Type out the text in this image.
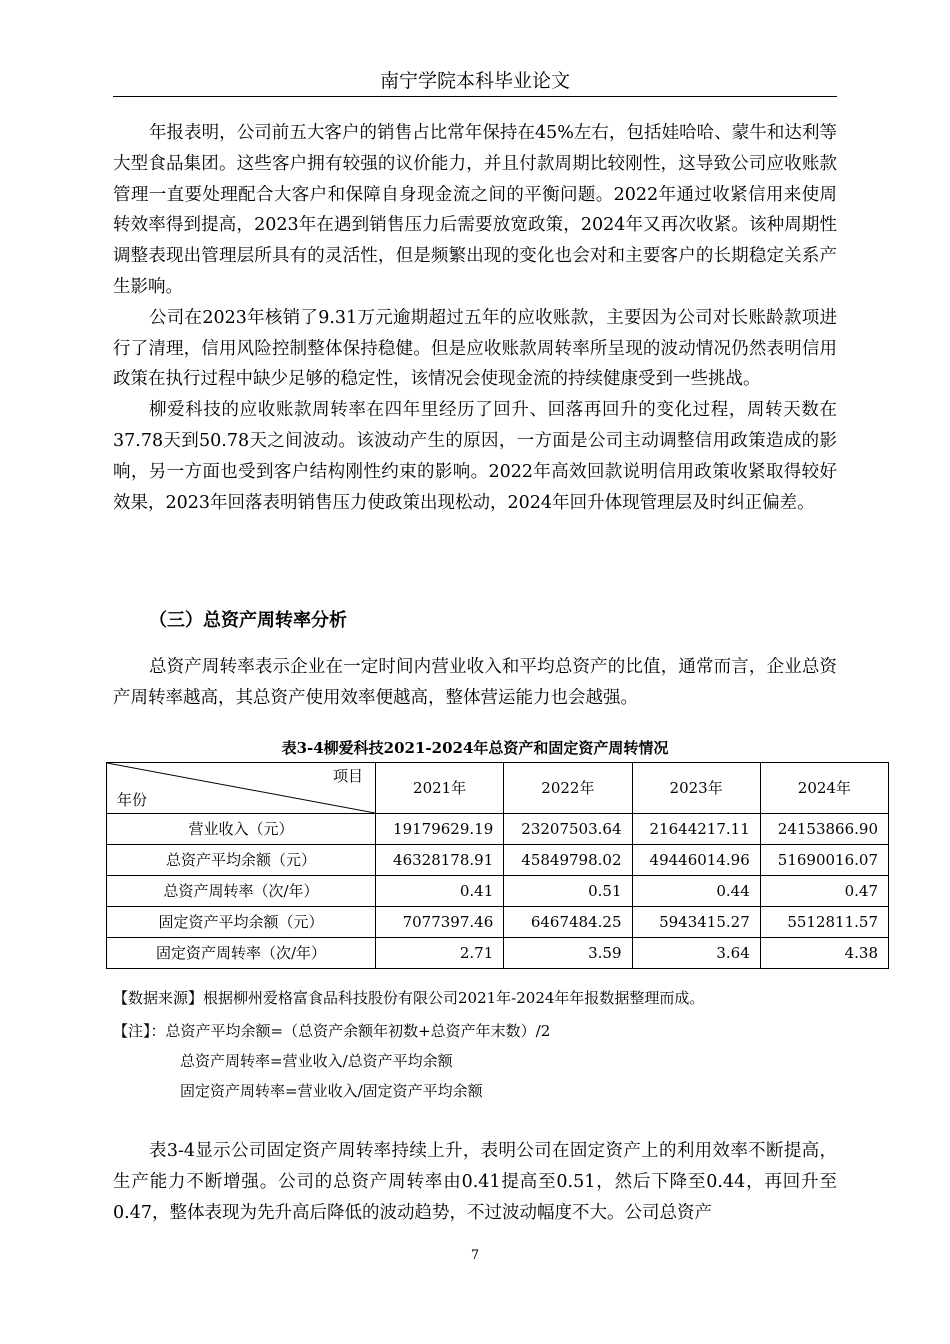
南宁学院本科毕业论文

年报表明，公司前五大客户的销售占比常年保持在45%左右，包括娃哈哈、蒙牛和达利等大型食品集团。这些客户拥有较强的议价能力，并且付款周期比较刚性，这导致公司应收账款管理一直要处理配合大客户和保障自身现金流之间的平衡问题。2022年通过收紧信用来使周转效率得到提高，2023年在遇到销售压力后需要放宽政策，2024年又再次收紧。该种周期性调整表现出管理层所具有的灵活性，但是频繁出现的变化也会对和主要客户的长期稳定关系产生影响。

公司在2023年核销了9.31万元逾期超过五年的应收账款，主要因为公司对长账龄款项进行了清理，信用风险控制整体保持稳健。但是应收账款周转率所呈现的波动情况仍然表明信用政策在执行过程中缺少足够的稳定性，该情况会使现金流的持续健康受到一些挑战。

柳爱科技的应收账款周转率在四年里经历了回升、回落再回升的变化过程，周转天数在37.78天到50.78天之间波动。该波动产生的原因，一方面是公司主动调整信用政策造成的影响，另一方面也受到客户结构刚性约束的影响。2022年高效回款说明信用政策收紧取得较好效果，2023年回落表明销售压力使政策出现松动，2024年回升体现管理层及时纠正偏差。

（三）总资产周转率分析

总资产周转率表示企业在一定时间内营业收入和平均总资产的比值，通常而言，企业总资产周转率越高，其总资产使用效率便越高，整体营运能力也会越强。

表3-4柳爱科技2021-2024年总资产和固定资产周转情况
项目
年份	2021年	2022年	2023年	2024年
营业收入（元）	19179629.19	23207503.64	21644217.11	24153866.90
总资产平均余额（元）	46328178.91	45849798.02	49446014.96	51690016.07
总资产周转率（次/年）	0.41	0.51	0.44	0.47
固定资产平均余额（元）	7077397.46	6467484.25	5943415.27	5512811.57
固定资产周转率（次/年）	2.71	3.59	3.64	4.38
【数据来源】根据柳州爱格富食品科技股份有限公司2021年-2024年年报数据整理而成。
【注】：总资产平均余额=（总资产余额年初数+总资产年末数）/2
总资产周转率=营业收入/总资产平均余额
固定资产周转率=营业收入/固定资产平均余额

表3-4显示公司固定资产周转率持续上升，表明公司在固定资产上的利用效率不断提高，生产能力不断增强。公司的总资产周转率由0.41提高至0.51，然后下降至0.44，再回升至0.47，整体表现为先升高后降低的波动趋势，不过波动幅度不大。公司总资产

7
